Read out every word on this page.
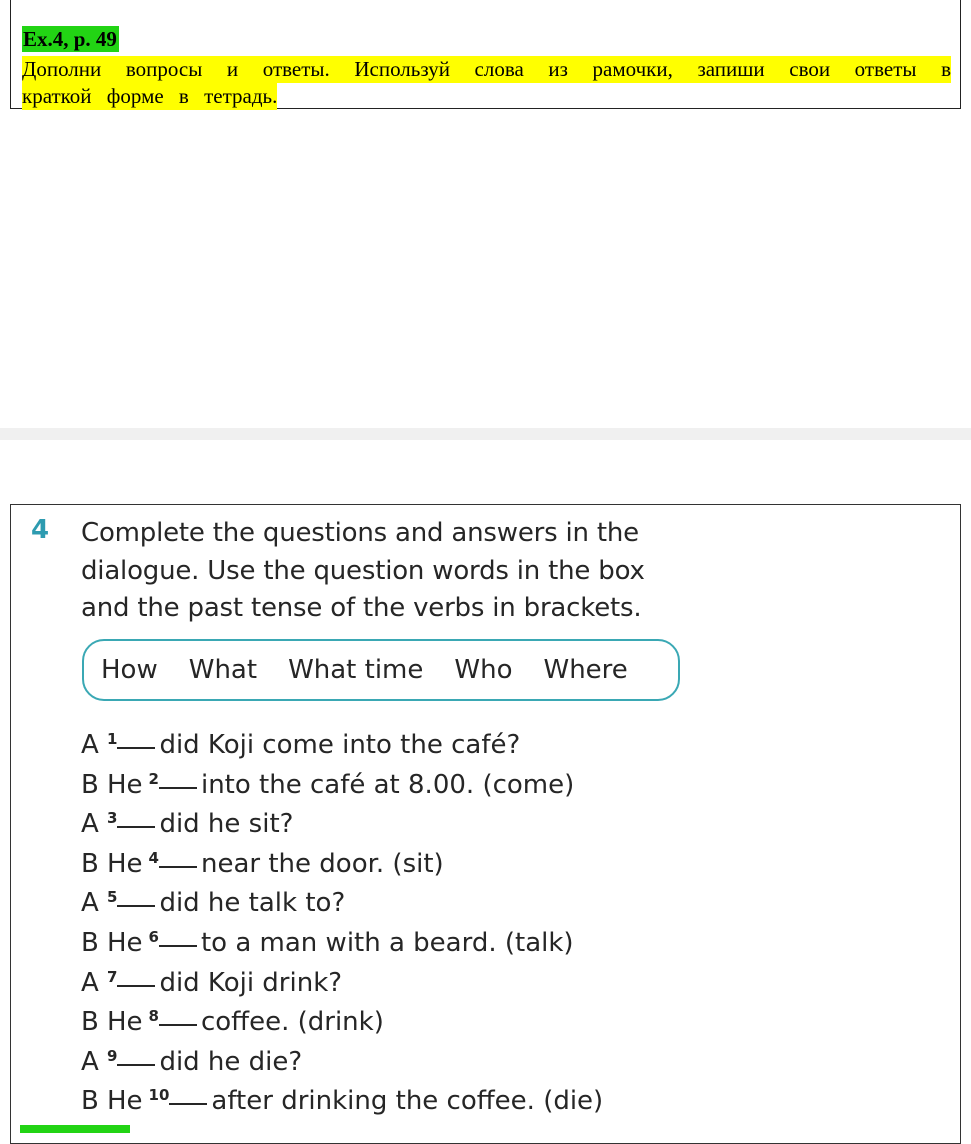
Ex.4, p. 49
Дополни вопросы и ответы. Используй слова из рамочки, запиши свои ответы в
краткой форме в тетрадь.
4 Complete the questions and answers in the
dialogue. Use the question words in the box
and the past tense of the verbs in brackets.
How What What time Who Where
A $^1$ did Koji come into the café?
B He $^2$ into the café at 8.00. (come)
A $^3$ did he sit?
B He $^4$ near the door. (sit)
A $^5$ did he talk to?
B He $^6$ to a man with a beard. (talk)
A $^7$ did Koji drink?
B He $^8$ coffee. (drink)
A $^9$ did he die?
B He $^{10}$ after drinking the coffee. (die)
